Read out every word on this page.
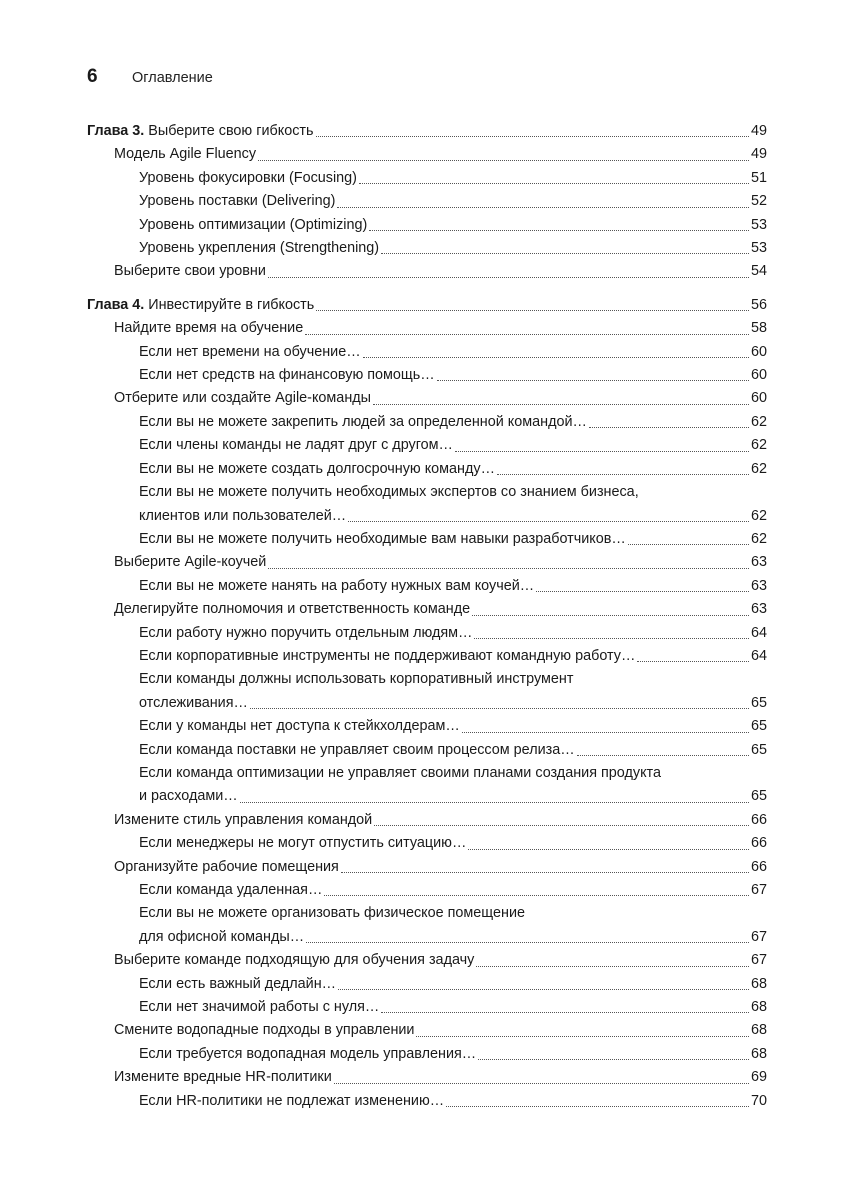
6	Оглавление
Глава 3. Выберите свою гибкость	49
Модель Agile Fluency	49
Уровень фокусировки (Focusing)	51
Уровень поставки (Delivering)	52
Уровень оптимизации (Optimizing)	53
Уровень укрепления (Strengthening)	53
Выберите свои уровни	54
Глава 4. Инвестируйте в гибкость	56
Найдите время на обучение	58
Если нет времени на обучение…	60
Если нет средств на финансовую помощь…	60
Отберите или создайте Agile-команды	60
Если вы не можете закрепить людей за определенной командой…	62
Если члены команды не ладят друг с другом…	62
Если вы не можете создать долгосрочную команду…	62
Если вы не можете получить необходимых экспертов со знанием бизнеса,
клиентов или пользователей…	62
Если вы не можете получить необходимые вам навыки разработчиков…	62
Выберите Agile-коучей	63
Если вы не можете нанять на работу нужных вам коучей…	63
Делегируйте полномочия и ответственность команде	63
Если работу нужно поручить отдельным людям…	64
Если корпоративные инструменты не поддерживают командную работу…	64
Если команды должны использовать корпоративный инструмент
отслеживания…	65
Если у команды нет доступа к стейкхолдерам…	65
Если команда поставки не управляет своим процессом релиза…	65
Если команда оптимизации не управляет своими планами создания продукта
и расходами…	65
Измените стиль управления командой	66
Если менеджеры не могут отпустить ситуацию…	66
Организуйте рабочие помещения	66
Если команда удаленная…	67
Если вы не можете организовать физическое помещение
для офисной команды…	67
Выберите команде подходящую для обучения задачу	67
Если есть важный дедлайн…	68
Если нет значимой работы с нуля…	68
Смените водопадные подходы в управлении	68
Если требуется водопадная модель управления…	68
Измените вредные HR-политики	69
Если HR-политики не подлежат изменению…	70
